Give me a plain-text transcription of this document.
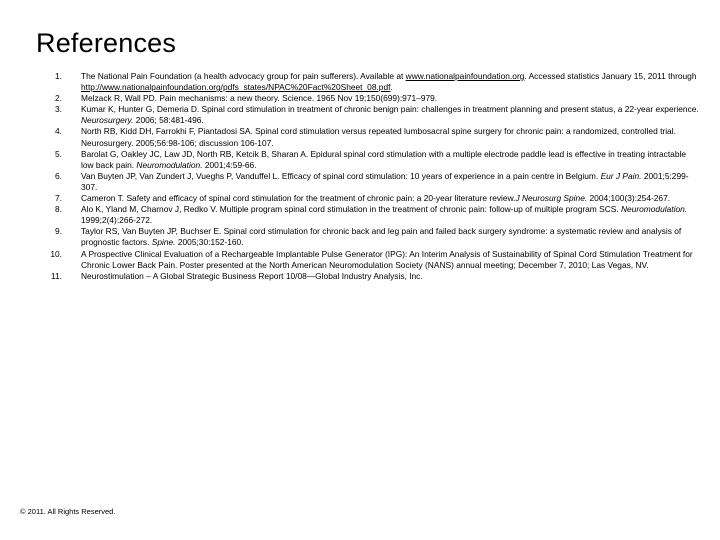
References
1.	The National Pain Foundation (a health advocacy group for pain sufferers). Available at www.nationalpainfoundation.org. Accessed statistics January 15, 2011 through http://www.nationalpainfoundation.org/pdfs_states/NPAC%20Fact%20Sheet_08.pdf.
2.	Melzack R, Wall PD. Pain mechanisms: a new theory. Science. 1965 Nov 19;150(699):971–979.
3.	Kumar K, Hunter G, Demeria D. Spinal cord stimulation in treatment of chronic benign pain: challenges in treatment planning and present status, a 22-year experience. Neurosurgery. 2006; 58:481-496.
4.	North RB, Kidd DH, Farrokhi F, Piantadosi SA. Spinal cord stimulation versus repeated lumbosacral spine surgery for chronic pain: a randomized, controlled trial. Neurosurgery. 2005;56:98-106; discussion 106-107.
5.	Barolat G, Oakley JC, Law JD, North RB, Ketcik B, Sharan A. Epidural spinal cord stimulation with a multiple electrode paddle lead is effective in treating intractable low back pain. Neuromodulation. 2001;4:59-66.
6.	Van Buyten JP, Van Zundert J, Vueghs P, Vanduffel L. Efficacy of spinal cord stimulation: 10 years of experience in a pain centre in Belgium. Eur J Pain. 2001;5:299-307.
7.	Cameron T. Safety and efficacy of spinal cord stimulation for the treatment of chronic pain: a 20-year literature review.J Neurosurg Spine. 2004;100(3):254-267.
8.	Alo K, Yland M, Charnov J, Redko V. Multiple program spinal cord stimulation in the treatment of chronic pain: follow-up of multiple program SCS. Neuromodulation. 1999;2(4):266-272.
9.	Taylor RS, Van Buyten JP, Buchser E. Spinal cord stimulation for chronic back and leg pain and failed back surgery syndrome: a systematic review and analysis of prognostic factors. Spine. 2005;30:152-160.
10.	A Prospective Clinical Evaluation of a Rechargeable Implantable Pulse Generator (IPG): An Interim Analysis of Sustainability of Spinal Cord Stimulation Treatment for Chronic Lower Back Pain. Poster presented at the North American Neuromodulation Society (NANS) annual meeting; December 7, 2010; Las Vegas, NV.
11.	Neurostimulation – A Global Strategic Business Report 10/08—Global Industry Analysis, Inc.
© 2011. All Rights Reserved.
